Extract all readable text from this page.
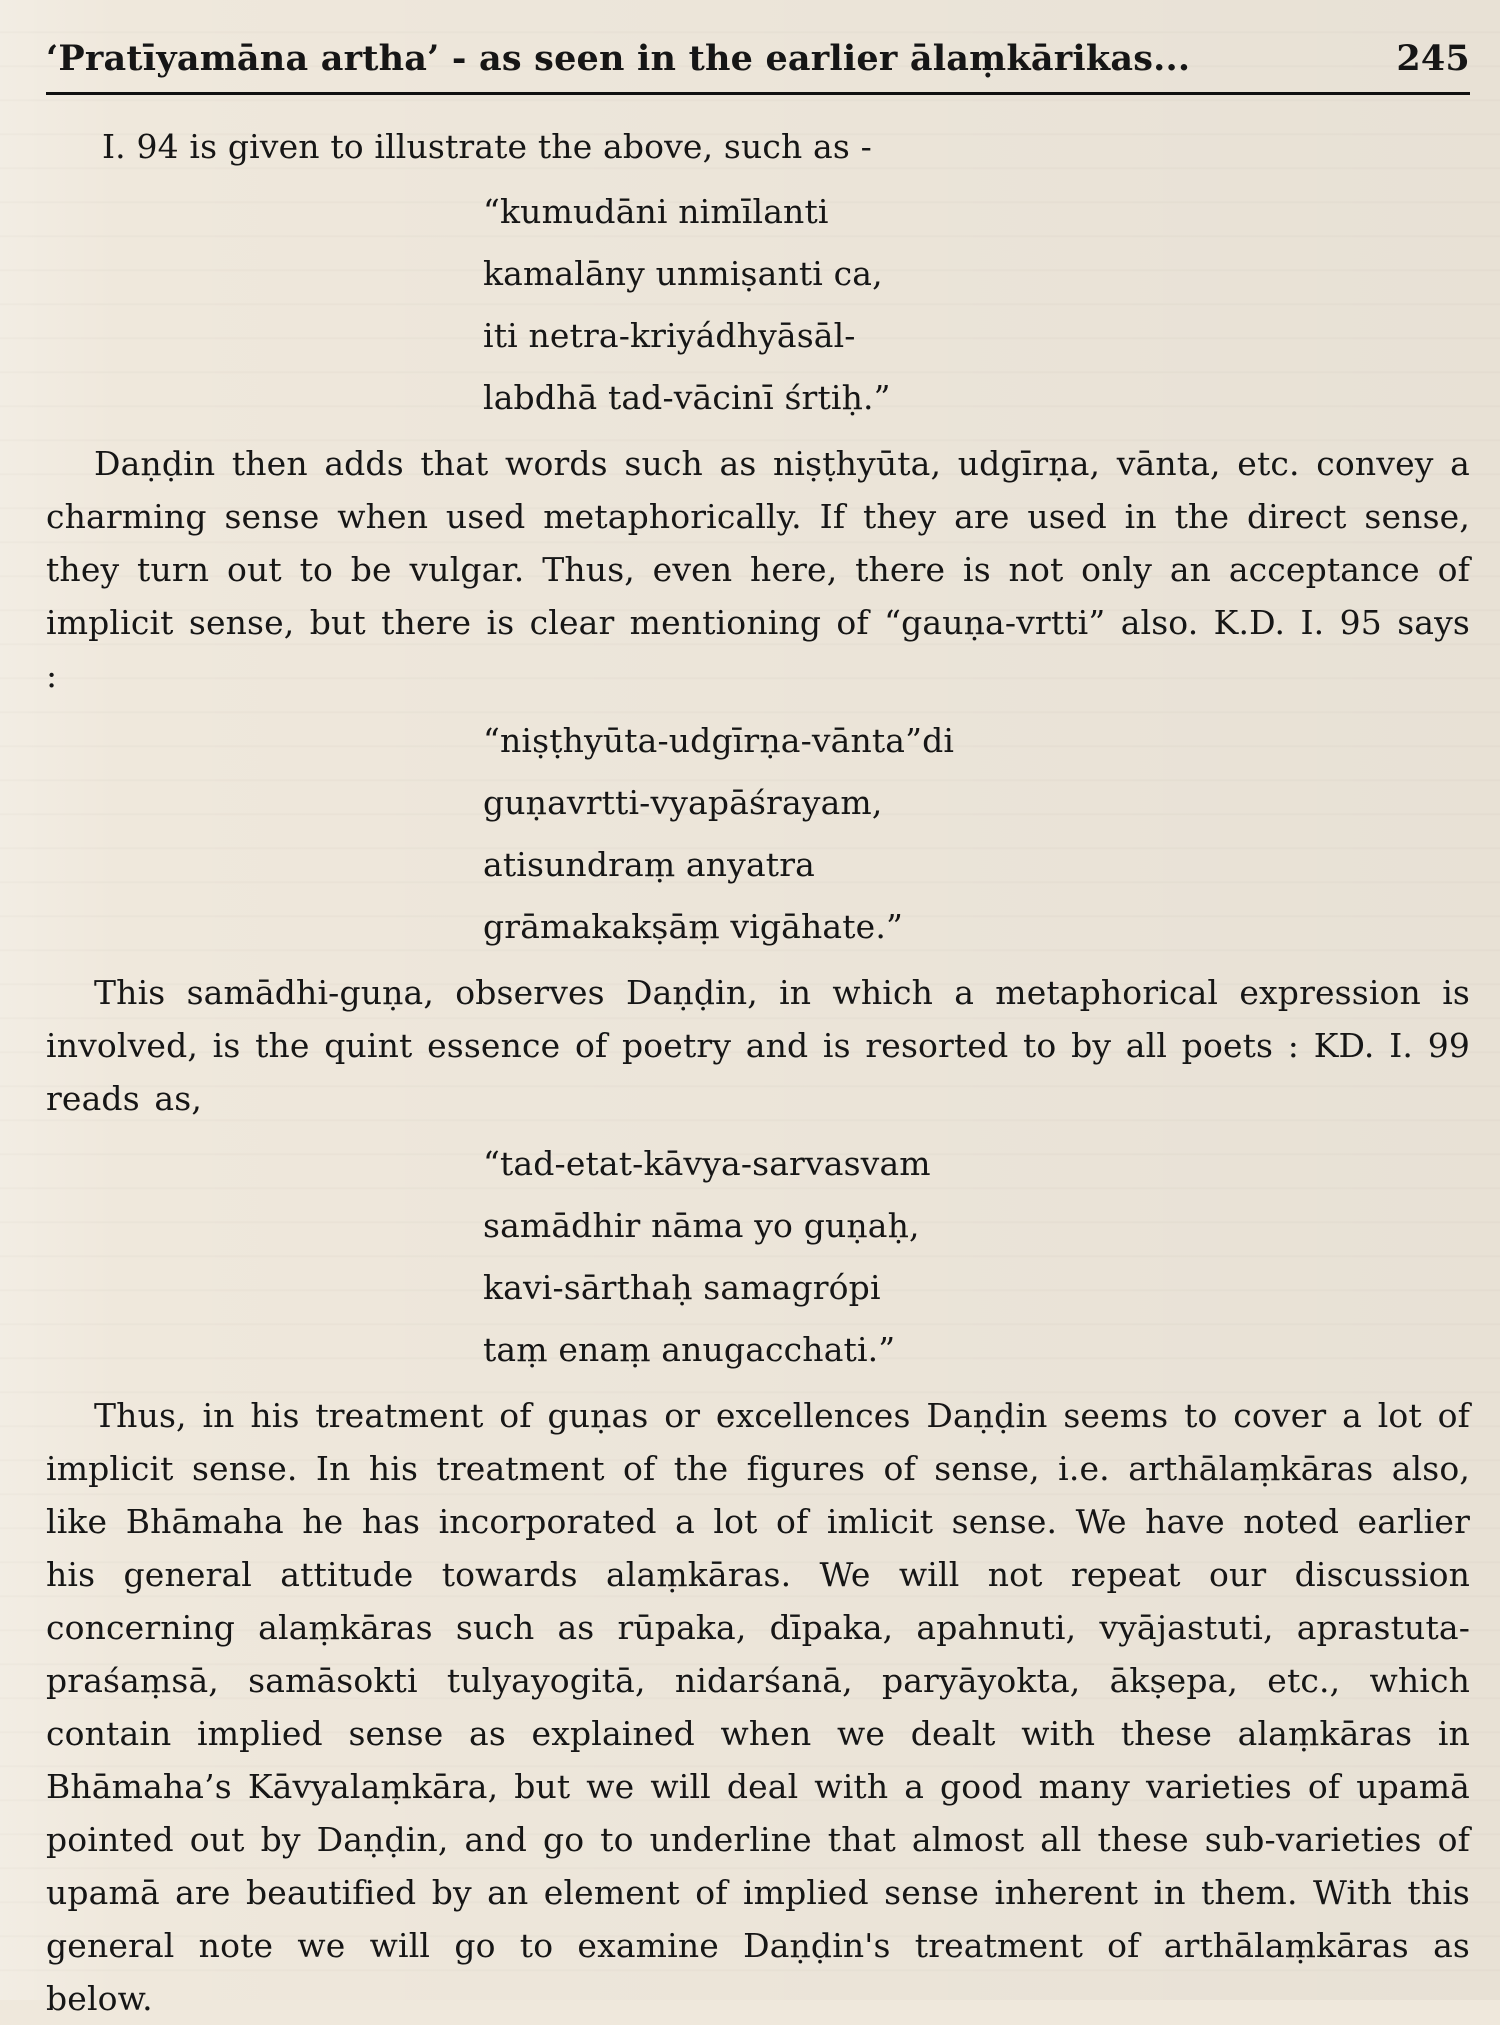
‘Pratīyamāna artha’ - as seen in the earlier ālaṃkārikas...	245

I. 94 is given to illustrate the above, such as -

“kumudāni nimīlanti
kamalāny unmiṣanti ca,
iti netra-kriyádhyāsāl-
labdhā tad-vācinī śrtiḥ.”

Daṇḍin then adds that words such as niṣṭhyūta, udgīrṇa, vānta, etc. convey a charming sense when used metaphorically. If they are used in the direct sense, they turn out to be vulgar. Thus, even here, there is not only an acceptance of implicit sense, but there is clear mentioning of “gauṇa-vrtti” also. K.D. I. 95 says :

“niṣṭhyūta-udgīrṇa-vānta”di
guṇavrtti-vyapāśrayam,
atisundraṃ anyatra
grāmakakṣāṃ vigāhate.”

This samādhi-guṇa, observes Daṇḍin, in which a metaphorical expression is involved, is the quint essence of poetry and is resorted to by all poets : KD. I. 99 reads as,

“tad-etat-kāvya-sarvasvam
samādhir nāma yo guṇaḥ,
kavi-sārthaḥ samagrópi
taṃ enaṃ anugacchati.”

Thus, in his treatment of guṇas or excellences Daṇḍin seems to cover a lot of implicit sense. In his treatment of the figures of sense, i.e. arthālaṃkāras also, like Bhāmaha he has incorporated a lot of imlicit sense. We have noted earlier his general attitude towards alaṃkāras. We will not repeat our discussion concerning alaṃkāras such as rūpaka, dīpaka, apahnuti, vyājastuti, aprastuta-praśaṃsā, samāsokti tulyayogitā, nidarśanā, paryāyokta, ākṣepa, etc., which contain implied sense as explained when we dealt with these alaṃkāras in Bhāmaha’s Kāvyalaṃkāra, but we will deal with a good many varieties of upamā pointed out by Daṇḍin, and go to underline that almost all these sub-varieties of upamā are beautified by an element of implied sense inherent in them. With this general note we will go to examine Daṇḍin's treatment of arthālaṃkāras as below.
